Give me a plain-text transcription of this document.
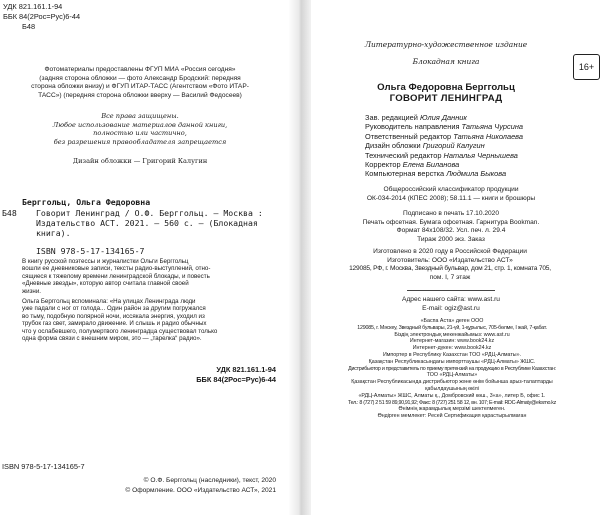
УДК 821.161.1-94
ББК 84(2Рос=Рус)6-44
Б48
Фотоматериалы предоставлены ФГУП МИА «Россия сегодня»
(задняя сторона обложки — фото Александр Бродский: передняя
сторона обложки внизу) и ФГУП ИТАР-ТАСС (Агентством «Фото ИТАР-
ТАСС») (передняя сторона обложки вверху — Василий Федосеев)
Все права защищены.
Любое использование материалов данной книги,
полностью или частично,
без разрешения правообладателя запрещается
Дизайн обложки — Григорий Калугин
Б48
Берггольц, Ольга Федоровна
Говорит Ленинград / О.Ф. Берггольц. — Москва :
Издательство АСТ. 2021. — 560 с. — (Блокадная
книга).
ISBN 978-5-17-134165-7
В книгу русской поэтессы и журналистки Ольги Берггольц
вошли ее дневниковые записи, тексты радио-выступлений, отно-
сящиеся к тяжелому времени ленинградской блокады, и повесть
«Дневные звезды», которую автор считала главной своей
жизни.
Ольга Берггольц вспоминала: «На улицах Ленинграда люди
уже падали с ног от голода... Один район за другим погружался
во тьму, подобную полярной ночи, иссякала энергия, уходил из
трубок газ свет, замирало движение. И слышь и радио обычных
что у ослабевшего, полумертвого ленинградца существовал только
одна форма связи с внешним миром, это — „тарелка“ радио».
УДК 821.161.1-94
ББК 84(2Рос=Рус)6-44
ISBN 978-5-17-134165-7
© О.Ф. Берггольц (наследники), текст, 2020
© Оформление. ООО «Издательство АСТ», 2021
Литературно-художественное издание
Блокадная книга
16+
Ольга Федоровна Берггольц
ГОВОРИТ ЛЕНИНГРАД
Зав. редакцией Юлия Данник
Руководитель направления Татьяна Чурсина
Ответственный редактор Татьяна Николаева
Дизайн обложки Григорий Калугин
Технический редактор Наталья Чернышева
Корректор Елена Биланова
Компьютерная верстка Людмила Быкова
Общероссийский классификатор продукции
ОК-034-2014 (КПЕС 2008); 58.11.1 — книги и брошюры
Подписано в печать 17.10.2020
Печать офсетная. Бумага офсетная. Гарнитура Bookman.
Формат 84х108/32. Усл. печ. л. 29.4
Тираж 2000 экз. Заказ
Изготовлено в 2020 году в Российской Федерации
Изготовитель: ООО «Издательство АСТ»
129085, РФ, г. Москва, Звездный бульвар, дом 21, стр. 1, комната 705,
пом. I, 7 этаж
Адрес нашего сайта: www.ast.ru
E-mail: ogiz@ast.ru
«Баспа Аста» деген ООО
129085, г. Мәскеу, Звездный бульвары, 21-үй, 1-құрылыс, 705-бөлме, I жай, 7-қабат.
Біздің электрондық мекенжайымыз: www.ast.ru
Интернет-магазин: www.book24.kz
Интернет-дүкен: www.book24.kz
Импортер в Республику Казахстан ТОО «РДЦ-Алматы».
Қазақстан Республикасындағы импорттаушы «РДЦ-Алматы» ЖШС.
Дистрибьютор и представитель по приему претензий на продукцию в Республике Казахстан:
ТОО «РДЦ-Алматы»
Қазақстан Республикасында дистрибьютор және өнім бойынша арыз-талаптарды
қабылдаушының өкілі
«РДЦ-Алматы» ЖШС, Алматы қ., Домбровский көш., 3«а», литер Б, офис 1.
Тел.: 8 (727) 2 51 59 89,90,91,92; Факс: 8 (727) 251 58 12, вн. 107; E-mail: RDC-Almaty@eksmo.kz
Өнімнің жарамдылық мерзімі шектелмеген.
Өндірген мемлекет: Ресей Сертификация қарастырылмаған
